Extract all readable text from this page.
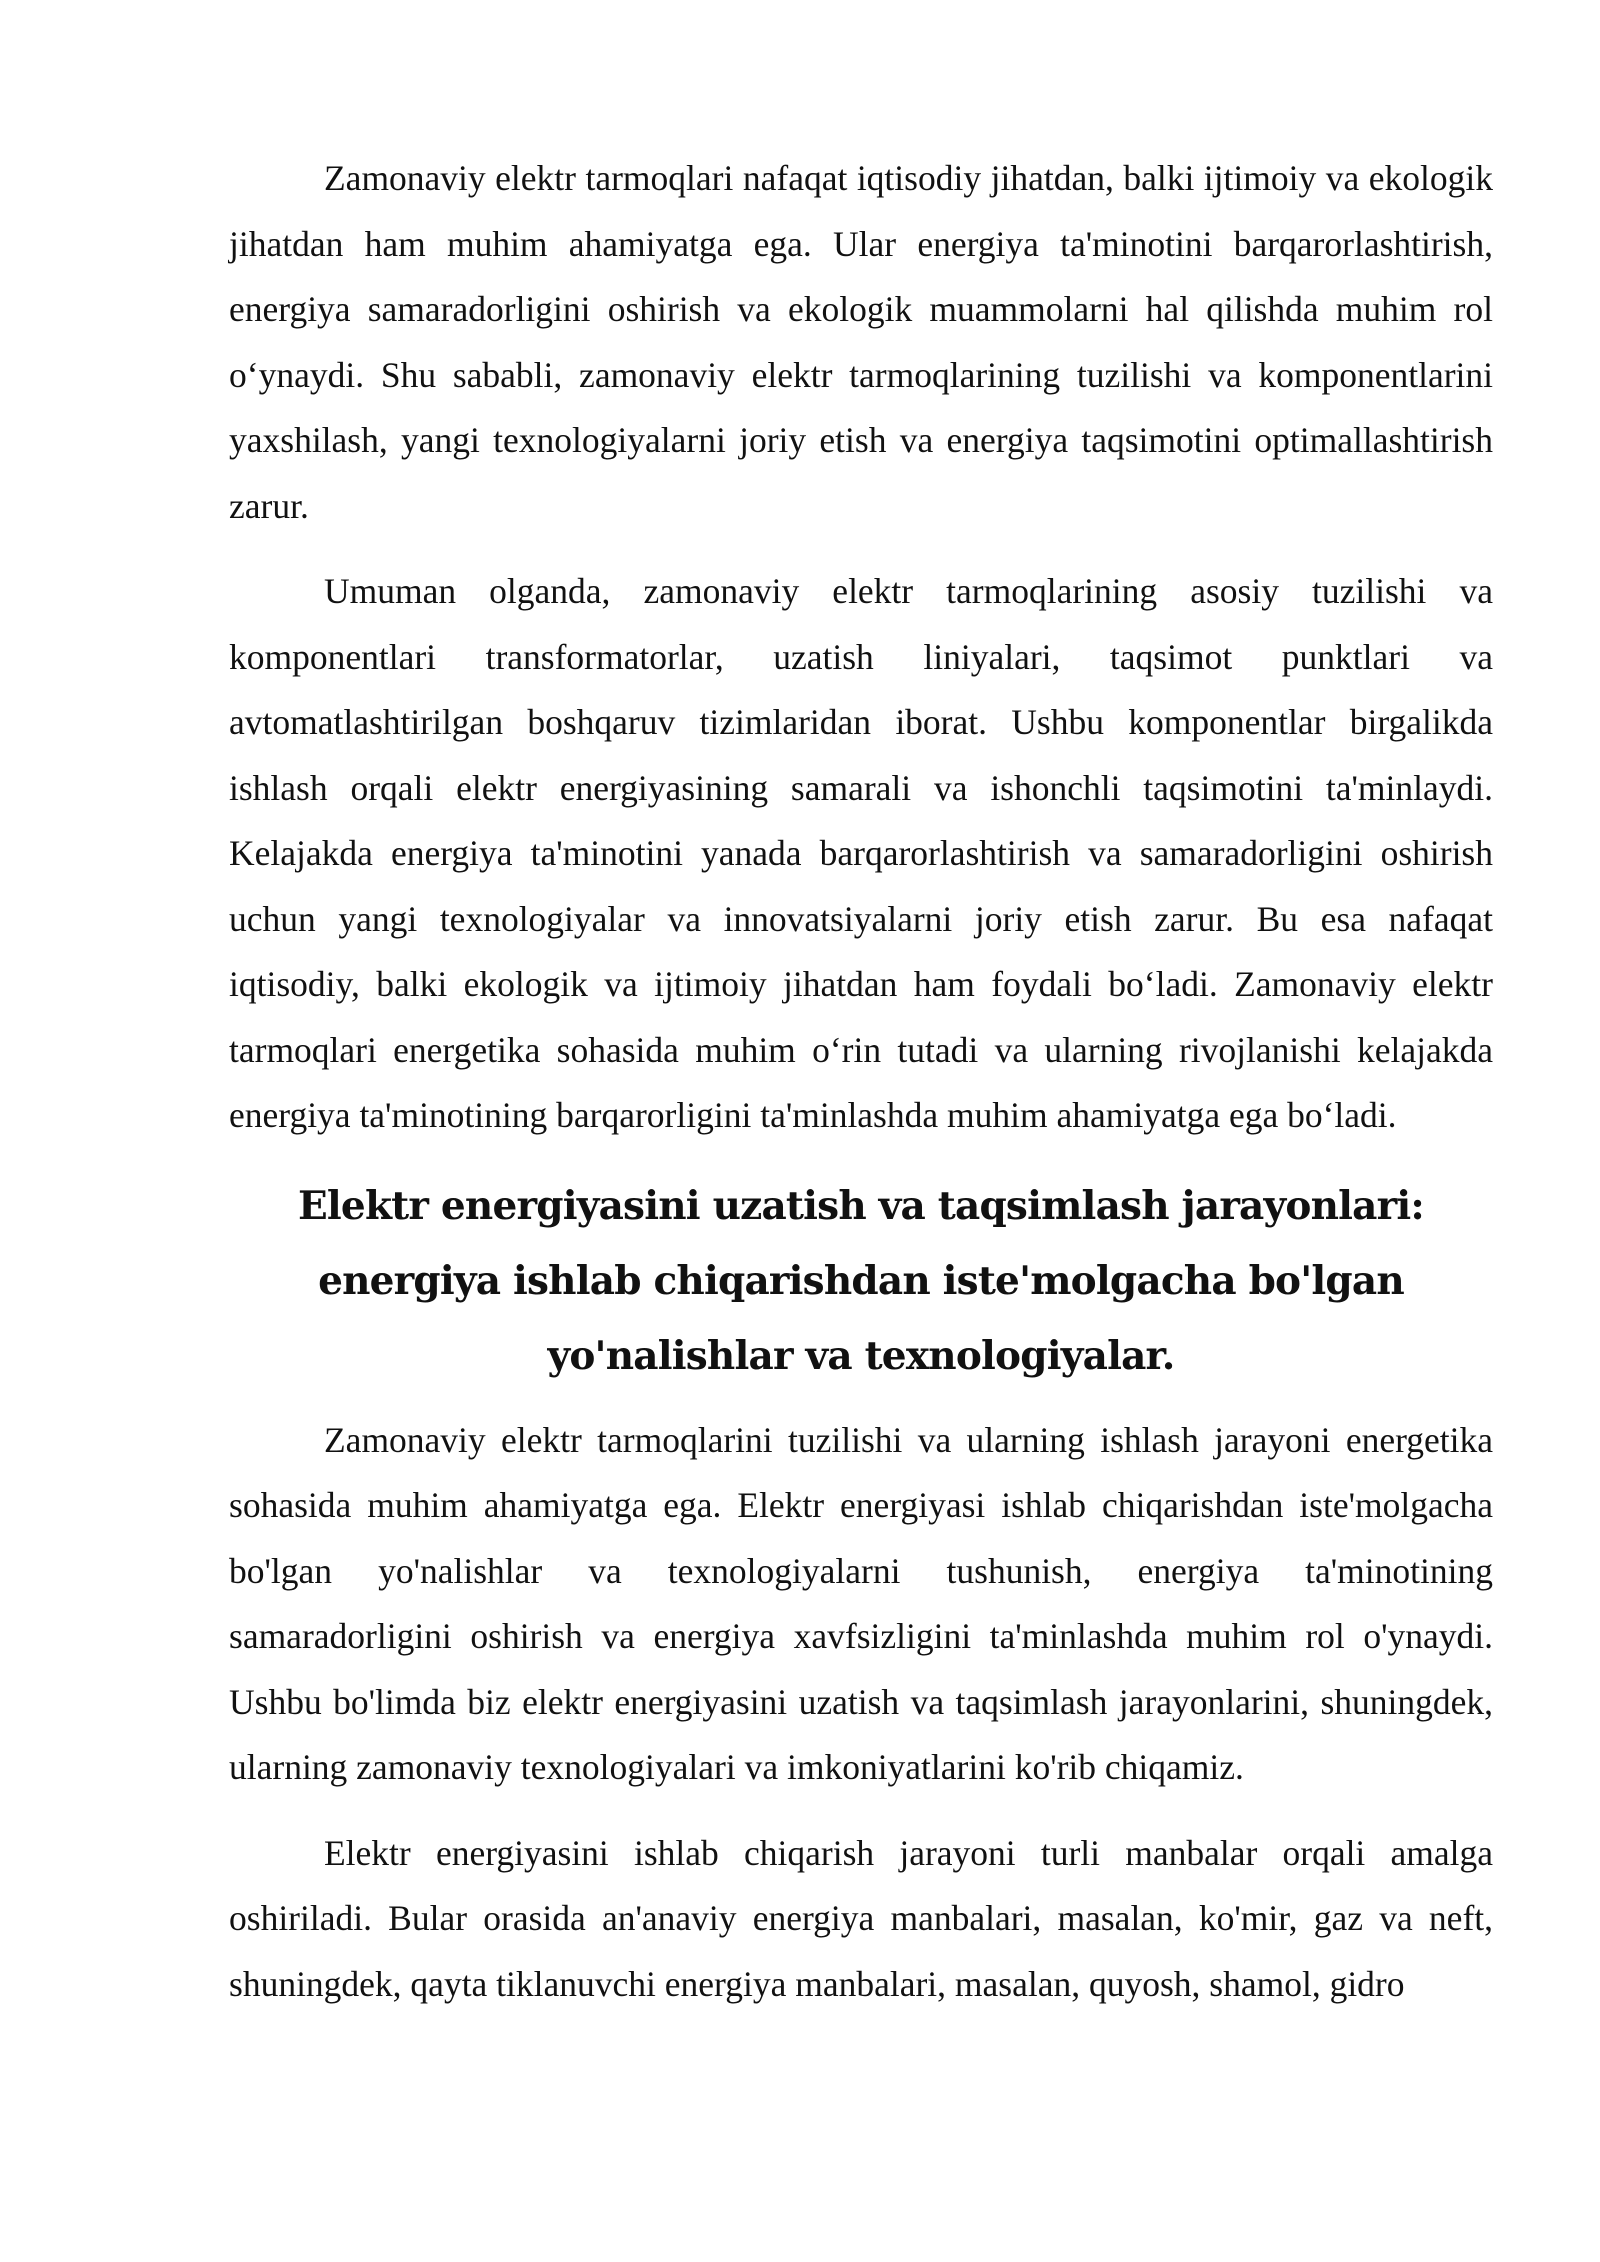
Zamonaviy elektr tarmoqlari nafaqat iqtisodiy jihatdan, balki ijtimoiy va ekologik jihatdan ham muhim ahamiyatga ega. Ular energiya ta'minotini barqarorlashtirish, energiya samaradorligini oshirish va ekologik muammolarni hal qilishda muhim rol o‘ynaydi. Shu sababli, zamonaviy elektr tarmoqlarining tuzilishi va komponentlarini yaxshilash, yangi texnologiyalarni joriy etish va energiya taqsimotini optimallashtirish zarur.

Umuman olganda, zamonaviy elektr tarmoqlarining asosiy tuzilishi va komponentlari transformatorlar, uzatish liniyalari, taqsimot punktlari va avtomatlashtirilgan boshqaruv tizimlaridan iborat. Ushbu komponentlar birgalikda ishlash orqali elektr energiyasining samarali va ishonchli taqsimotini ta'minlaydi. Kelajakda energiya ta'minotini yanada barqarorlashtirish va samaradorligini oshirish uchun yangi texnologiyalar va innovatsiyalarni joriy etish zarur. Bu esa nafaqat iqtisodiy, balki ekologik va ijtimoiy jihatdan ham foydali bo‘ladi. Zamonaviy elektr tarmoqlari energetika sohasida muhim o‘rin tutadi va ularning rivojlanishi kelajakda energiya ta'minotining barqarorligini ta'minlashda muhim ahamiyatga ega bo‘ladi.

Elektr energiyasini uzatish va taqsimlash jarayonlari: energiya ishlab chiqarishdan iste'molgacha bo'lgan yo'nalishlar va texnologiyalar.

Zamonaviy elektr tarmoqlarini tuzilishi va ularning ishlash jarayoni energetika sohasida muhim ahamiyatga ega. Elektr energiyasi ishlab chiqarishdan iste'molgacha bo'lgan yo'nalishlar va texnologiyalarni tushunish, energiya ta'minotining samaradorligini oshirish va energiya xavfsizligini ta'minlashda muhim rol o'ynaydi. Ushbu bo'limda biz elektr energiyasini uzatish va taqsimlash jarayonlarini, shuningdek, ularning zamonaviy texnologiyalari va imkoniyatlarini ko'rib chiqamiz.

Elektr energiyasini ishlab chiqarish jarayoni turli manbalar orqali amalga oshiriladi. Bular orasida an'anaviy energiya manbalari, masalan, ko'mir, gaz va neft, shuningdek, qayta tiklanuvchi energiya manbalari, masalan, quyosh, shamol, gidro
